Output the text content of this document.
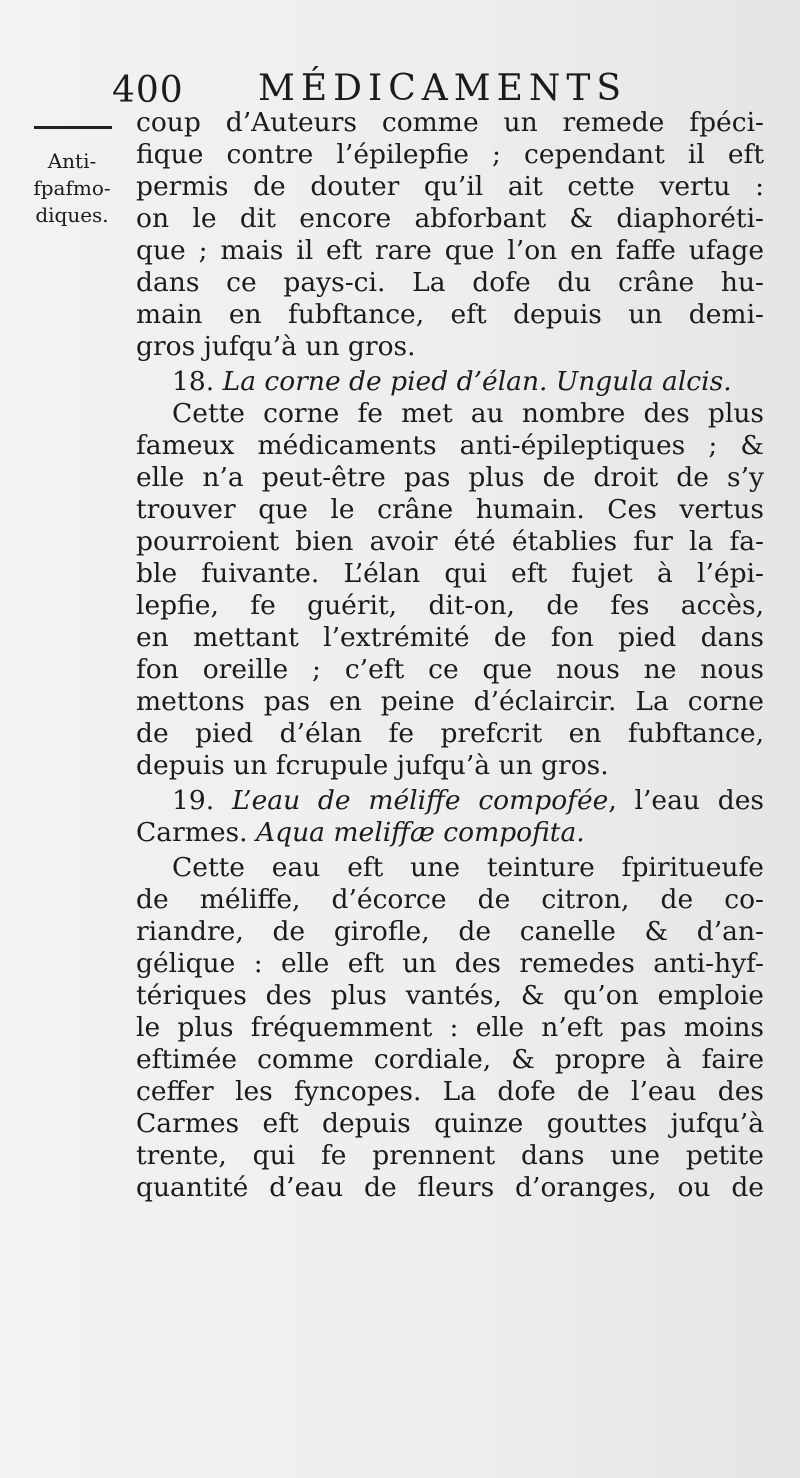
400 MÉDICAMENTS
Anti-
fpafmo-
diques.
coup d’Auteurs comme un remede fpéci-
fique contre l’épilepfie ; cependant il eft
permis de douter qu’il ait cette vertu :
on le dit encore abforbant & diaphoréti-
que ; mais il eft rare que l’on en faffe ufage
dans ce pays-ci. La dofe du crâne hu-
main en fubftance, eft depuis un demi-
gros jufqu’à un gros.
18. La corne de pied d’élan. Ungula alcis.
Cette corne fe met au nombre des plus
fameux médicaments anti-épileptiques ; &
elle n’a peut-être pas plus de droit de s’y
trouver que le crâne humain. Ces vertus
pourroient bien avoir été établies fur la fa-
ble fuivante. L’élan qui eft fujet à l’épi-
lepfie, fe guérit, dit-on, de fes accès,
en mettant l’extrémité de fon pied dans
fon oreille ; c’eft ce que nous ne nous
mettons pas en peine d’éclaircir. La corne
de pied d’élan fe prefcrit en fubftance,
depuis un fcrupule jufqu’à un gros.
19. L’eau de méliffe compofée, l’eau des
Carmes. Aqua meliffæ compofita.
Cette eau eft une teinture fpiritueufe
de méliffe, d’écorce de citron, de co-
riandre, de girofle, de canelle & d’an-
gélique : elle eft un des remedes anti-hyf-
tériques des plus vantés, & qu’on emploie
le plus fréquemment : elle n’eft pas moins
eftimée comme cordiale, & propre à faire
ceffer les fyncopes. La dofe de l’eau des
Carmes eft depuis quinze gouttes jufqu’à
trente, qui fe prennent dans une petite
quantité d’eau de fleurs d’oranges, ou de
